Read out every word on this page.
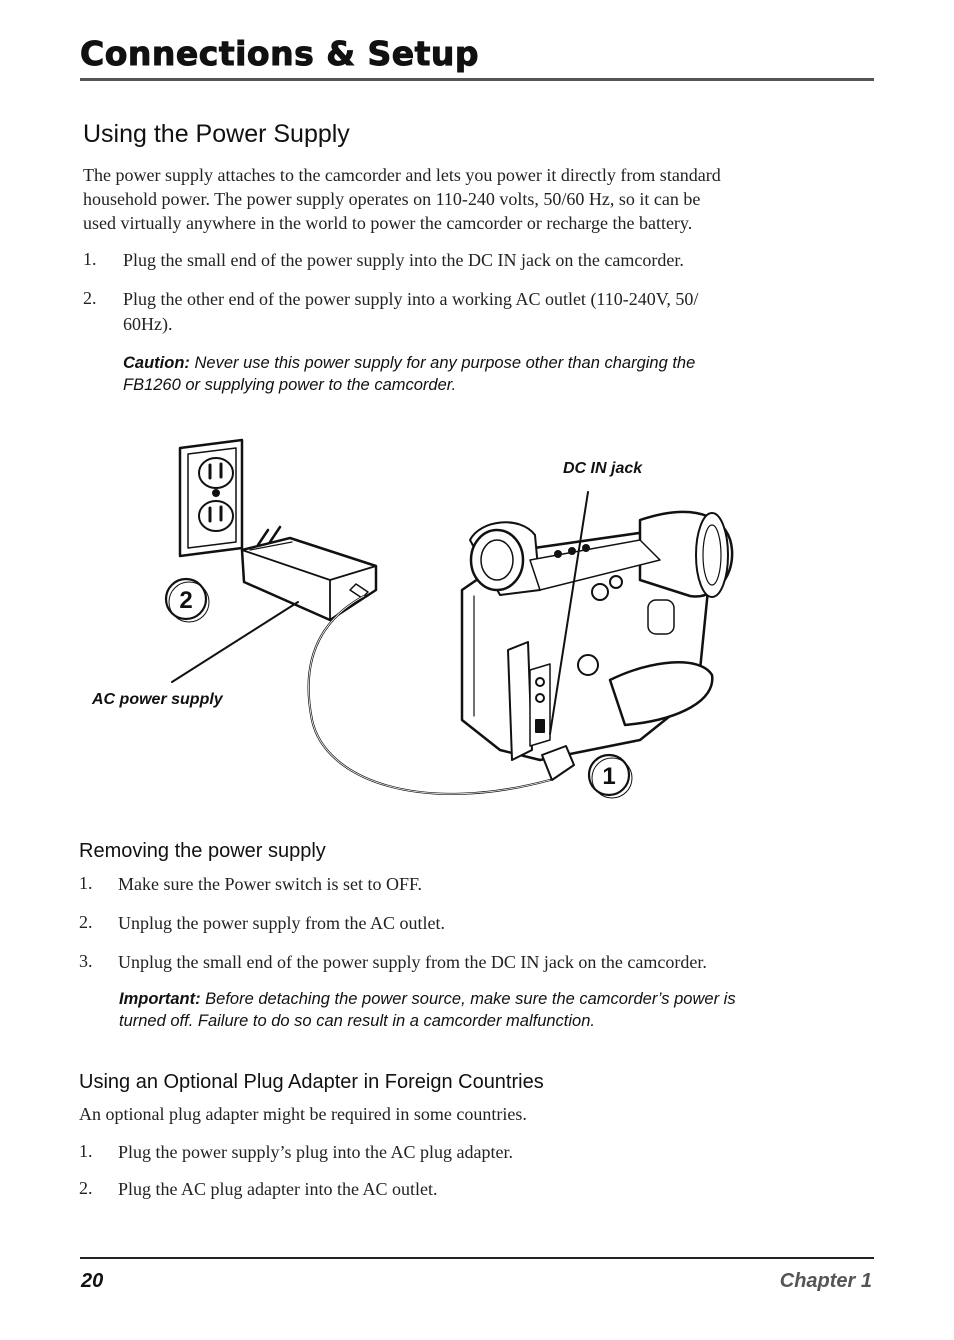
Connections & Setup
Using the Power Supply
The power supply attaches to the camcorder and lets you power it directly from standard
household power. The power supply operates on 110-240 volts, 50/60 Hz, so it can be
used virtually anywhere in the world to power the camcorder or recharge the battery.
1. Plug the small end of the power supply into the DC IN jack on the camcorder.
2. Plug the other end of the power supply into a working AC outlet (110-240V, 50/
60Hz).
Caution: Never use this power supply for any purpose other than charging the
FB1260 or supplying power to the camcorder.
2
1
DC IN jack
AC power supply
Removing the power supply
1. Make sure the Power switch is set to OFF.
2. Unplug the power supply from the AC outlet.
3. Unplug the small end of the power supply from the DC IN jack on the camcorder.
Important: Before detaching the power source, make sure the camcorder’s power is
turned off. Failure to do so can result in a camcorder malfunction.
Using an Optional Plug Adapter in Foreign Countries
An optional plug adapter might be required in some countries.
1. Plug the power supply’s plug into the AC plug adapter.
2. Plug the AC plug adapter into the AC outlet.
20	Chapter 1
